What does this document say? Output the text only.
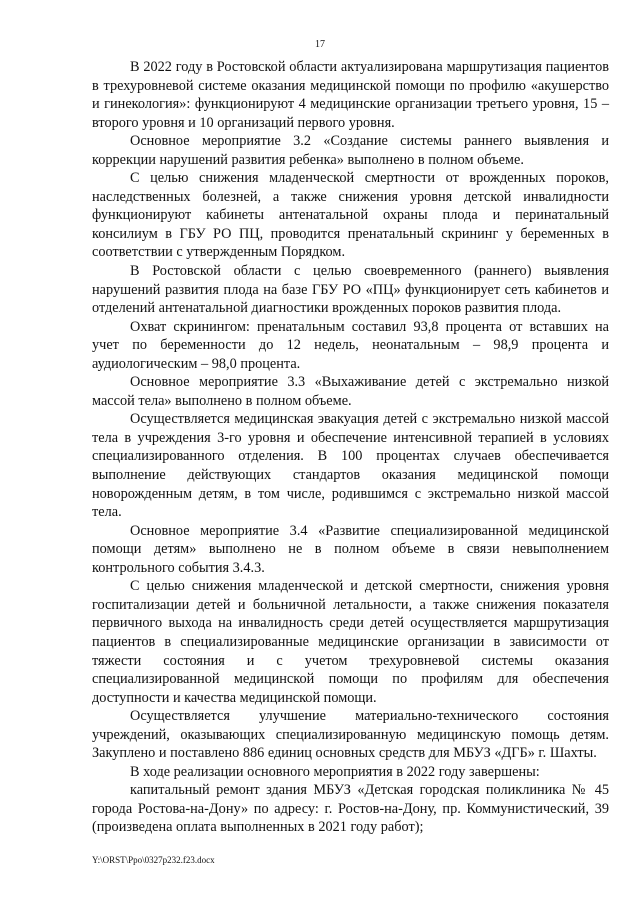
17

В 2022 году в Ростовской области актуализирована маршрутизация пациентов в трехуровневой системе оказания медицинской помощи по профилю «акушерство и гинекология»: функционируют 4 медицинские организации третьего уровня, 15 – второго уровня и 10 организаций первого уровня.

Основное мероприятие 3.2 «Создание системы раннего выявления и коррекции нарушений развития ребенка» выполнено в полном объеме.

С целью снижения младенческой смертности от врожденных пороков, наследственных болезней, а также снижения уровня детской инвалидности функционируют кабинеты антенатальной охраны плода и перинатальный консилиум в ГБУ РО ПЦ, проводится пренатальный скрининг у беременных в соответствии с утвержденным Порядком.

В Ростовской области с целью своевременного (раннего) выявления нарушений развития плода на базе ГБУ РО «ПЦ» функционирует сеть кабинетов и отделений антенатальной диагностики врожденных пороков развития плода.

Охват скринингом: пренатальным составил 93,8 процента от вставших на учет по беременности до 12 недель, неонатальным – 98,9 процента и аудиологическим – 98,0 процента.

Основное мероприятие 3.3 «Выхаживание детей с экстремально низкой массой тела» выполнено в полном объеме.

Осуществляется медицинская эвакуация детей с экстремально низкой массой тела в учреждения 3-го уровня и обеспечение интенсивной терапией в условиях специализированного отделения. В 100 процентах случаев обеспечивается выполнение действующих стандартов оказания медицинской помощи новорожденным детям, в том числе, родившимся с экстремально низкой массой тела.

Основное мероприятие 3.4 «Развитие специализированной медицинской помощи детям» выполнено не в полном объеме в связи невыполнением контрольного события 3.4.3.

С целью снижения младенческой и детской смертности, снижения уровня госпитализации детей и больничной летальности, а также снижения показателя первичного выхода на инвалидность среди детей осуществляется маршрутизация пациентов в специализированные медицинские организации в зависимости от тяжести состояния и с учетом трехуровневой системы оказания специализированной медицинской помощи по профилям для обеспечения доступности и качества медицинской помощи.

Осуществляется улучшение материально-технического состояния учреждений, оказывающих специализированную медицинскую помощь детям. Закуплено и поставлено 886 единиц основных средств для МБУЗ «ДГБ» г. Шахты.

В ходе реализации основного мероприятия в 2022 году завершены:

капитальный ремонт здания МБУЗ «Детская городская поликлиника № 45 города Ростова-на-Дону» по адресу: г. Ростов-на-Дону, пр. Коммунистический, 39 (произведена оплата выполненных в 2021 году работ);

Y:\ORST\Ppo\0327p232.f23.docx
